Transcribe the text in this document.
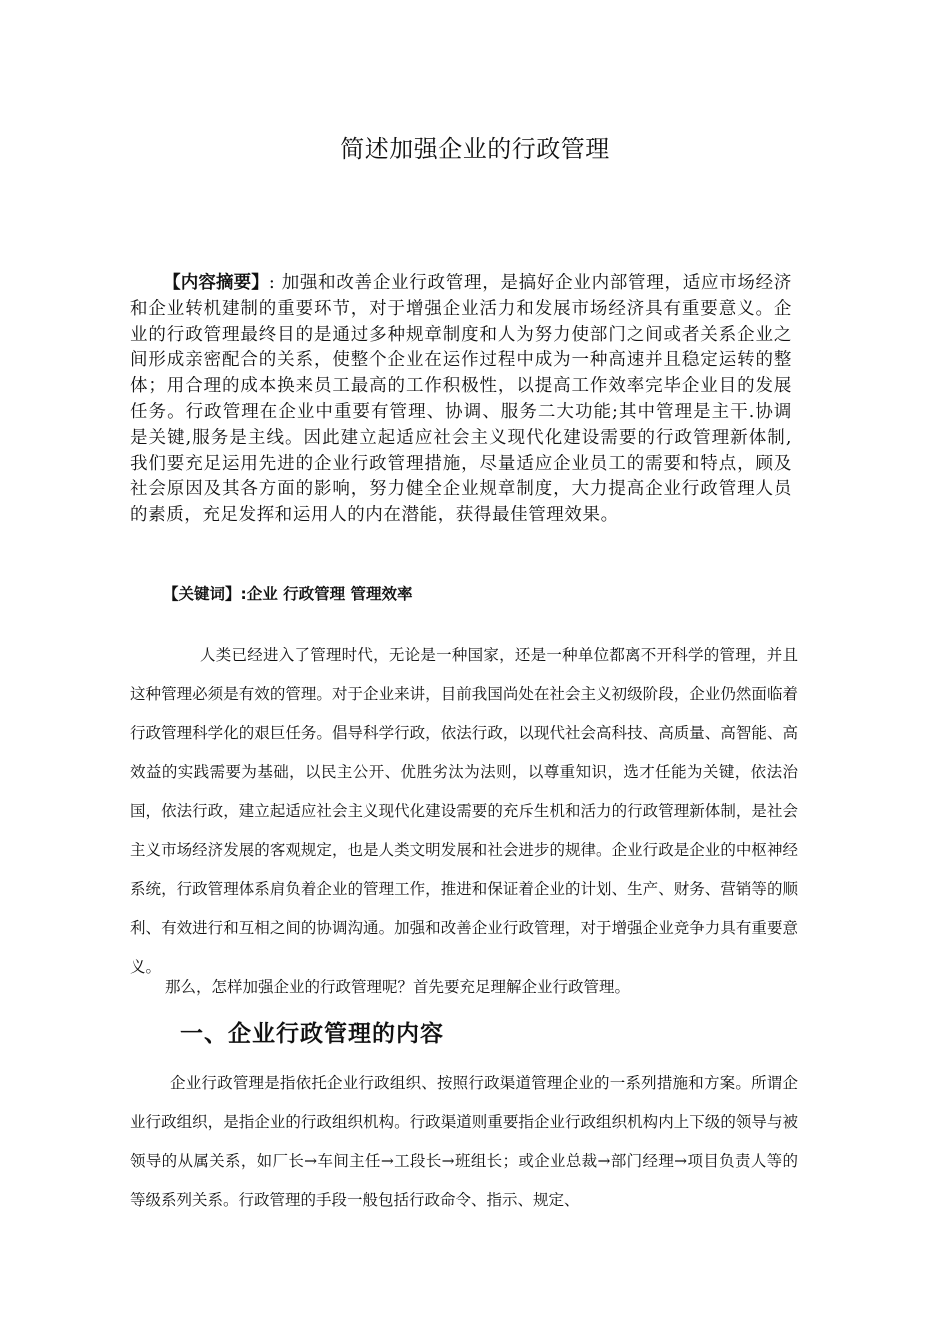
简述加强企业的行政管理

【内容摘要】: 加强和改善企业行政管理，是搞好企业内部管理，适应市场经济和企业转机建制的重要环节，对于增强企业活力和发展市场经济具有重要意义。企业的行政管理最终目的是通过多种规章制度和人为努力使部门之间或者关系企业之间形成亲密配合的关系，使整个企业在运作过程中成为一种高速并且稳定运转的整体；用合理的成本换来员工最高的工作积极性，以提高工作效率完毕企业目的发展任务。行政管理在企业中重要有管理、协调、服务二大功能;其中管理是主干.协调是关键,服务是主线。因此建立起适应社会主义现代化建设需要的行政管理新体制,我们要充足运用先进的企业行政管理措施，尽量适应企业员工的需要和特点，顾及社会原因及其各方面的影响，努力健全企业规章制度，大力提高企业行政管理人员的素质，充足发挥和运用人的内在潜能，获得最佳管理效果。

【关键词】:企业 行政管理 管理效率

人类已经进入了管理时代，无论是一种国家，还是一种单位都离不开科学的管理，并且这种管理必须是有效的管理。对于企业来讲，目前我国尚处在社会主义初级阶段，企业仍然面临着行政管理科学化的艰巨任务。倡导科学行政，依法行政，以现代社会高科技、高质量、高智能、高效益的实践需要为基础，以民主公开、优胜劣汰为法则，以尊重知识，选才任能为关键，依法治国，依法行政，建立起适应社会主义现代化建设需要的充斥生机和活力的行政管理新体制，是社会主义市场经济发展的客观规定，也是人类文明发展和社会进步的规律。企业行政是企业的中枢神经系统，行政管理体系肩负着企业的管理工作，推进和保证着企业的计划、生产、财务、营销等的顺利、有效进行和互相之间的协调沟通。加强和改善企业行政管理，对于增强企业竞争力具有重要意义。

那么，怎样加强企业的行政管理呢？首先要充足理解企业行政管理。

一、企业行政管理的内容

企业行政管理是指依托企业行政组织、按照行政渠道管理企业的一系列措施和方案。所谓企业行政组织，是指企业的行政组织机构。行政渠道则重要指企业行政组织机构内上下级的领导与被领导的从属关系，如厂长→车间主任→工段长→班组长；或企业总裁→部门经理→项目负责人等的等级系列关系。行政管理的手段一般包括行政命令、指示、规定、
